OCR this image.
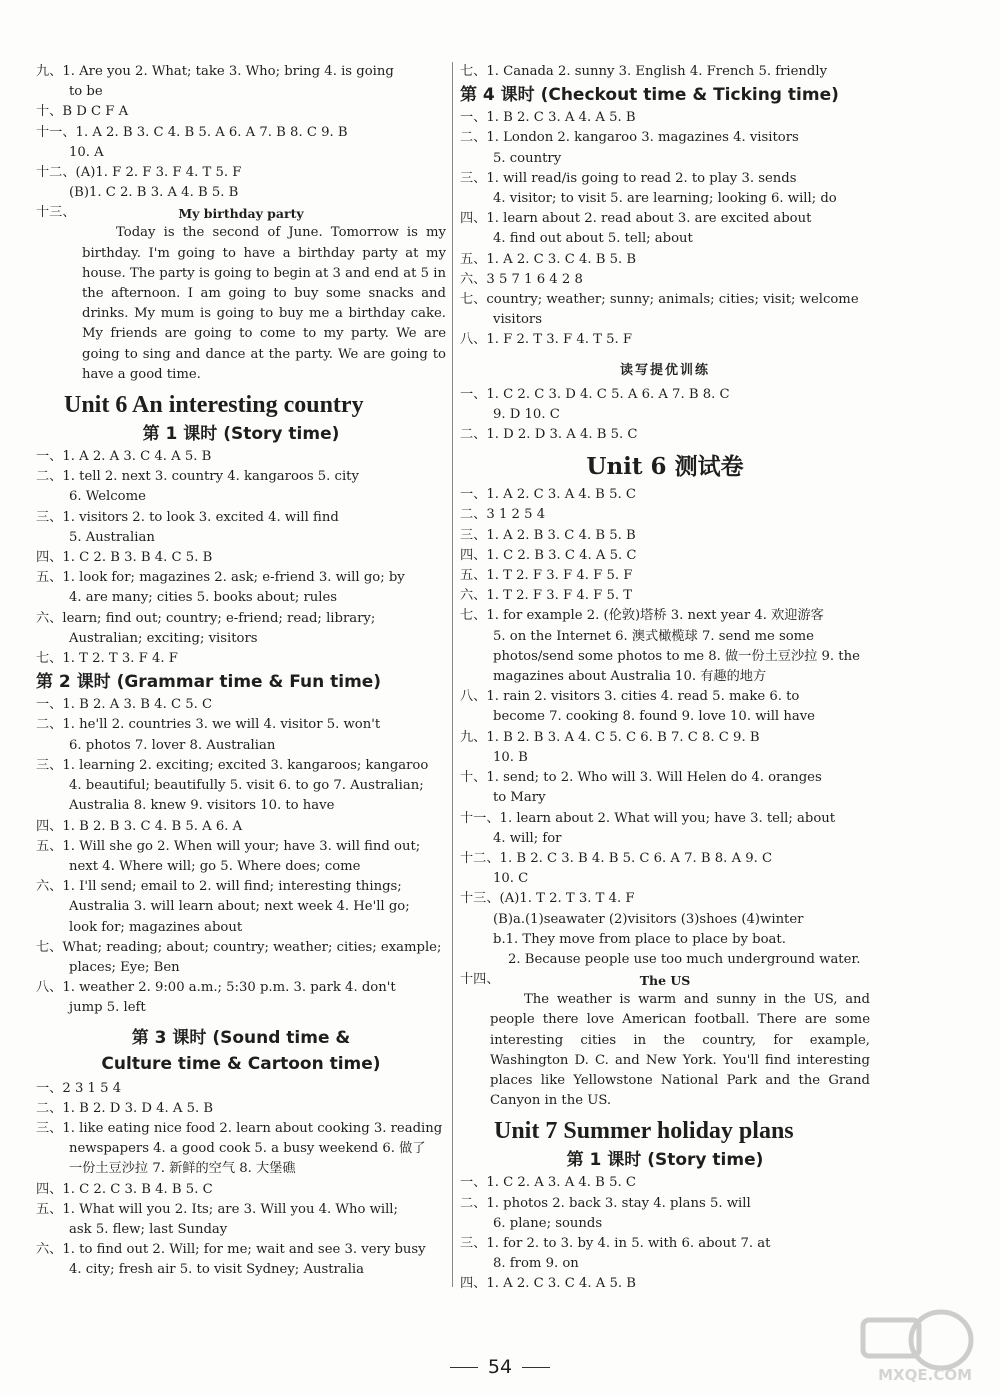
九、1. Are you 2. What; take 3. Who; bring 4. is going
to be
十、B D C F A
十一、1. A 2. B 3. C 4. B 5. A 6. A 7. B 8. C 9. B
10. A
十二、(A)1. F 2. F 3. F 4. T 5. F
(B)1. C 2. B 3. A 4. B 5. B
十三、	My birthday party

Today is the second of June. Tomorrow is my birthday. I'm going to have a birthday party at my house. The party is going to begin at 3 and end at 5 in the afternoon. I am going to buy some snacks and drinks. My mum is going to buy me a birthday cake. My friends are going to come to my party. We are going to sing and dance at the party. We are going to have a good time.

Unit 6 An interesting country
第 1 课时 (Story time)
一、1. A 2. A 3. C 4. A 5. B
二、1. tell 2. next 3. country 4. kangaroos 5. city
6. Welcome
三、1. visitors 2. to look 3. excited 4. will find
5. Australian
四、1. C 2. B 3. B 4. C 5. B
五、1. look for; magazines 2. ask; e-friend 3. will go; by
4. are many; cities 5. books about; rules
六、learn; find out; country; e-friend; read; library;
Australian; exciting; visitors
七、1. T 2. T 3. F 4. F
第 2 课时 (Grammar time & Fun time)
一、1. B 2. A 3. B 4. C 5. C
二、1. he'll 2. countries 3. we will 4. visitor 5. won't
6. photos 7. lover 8. Australian
三、1. learning 2. exciting; excited 3. kangaroos; kangaroo
4. beautiful; beautifully 5. visit 6. to go 7. Australian;
Australia 8. knew 9. visitors 10. to have
四、1. B 2. B 3. C 4. B 5. A 6. A
五、1. Will she go 2. When will your; have 3. will find out;
next 4. Where will; go 5. Where does; come
六、1. I'll send; email to 2. will find; interesting things;
Australia 3. will learn about; next week 4. He'll go;
look for; magazines about
七、What; reading; about; country; weather; cities; example;
places; Eye; Ben
八、1. weather 2. 9:00 a.m.; 5:30 p.m. 3. park 4. don't
jump 5. left
第 3 课时 (Sound time &
Culture time & Cartoon time)
一、2 3 1 5 4
二、1. B 2. D 3. D 4. A 5. B
三、1. like eating nice food 2. learn about cooking 3. reading
newspapers 4. a good cook 5. a busy weekend 6. 做了
一份土豆沙拉 7. 新鲜的空气 8. 大堡礁
四、1. C 2. C 3. B 4. B 5. C
五、1. What will you 2. Its; are 3. Will you 4. Who will;
ask 5. flew; last Sunday
六、1. to find out 2. Will; for me; wait and see 3. very busy
4. city; fresh air 5. to visit Sydney; Australia
七、1. Canada 2. sunny 3. English 4. French 5. friendly
第 4 课时 (Checkout time & Ticking time)
一、1. B 2. C 3. A 4. A 5. B
二、1. London 2. kangaroo 3. magazines 4. visitors
5. country
三、1. will read/is going to read 2. to play 3. sends
4. visitor; to visit 5. are learning; looking 6. will; do
四、1. learn about 2. read about 3. are excited about
4. find out about 5. tell; about
五、1. A 2. C 3. C 4. B 5. B
六、3 5 7 1 6 4 2 8
七、country; weather; sunny; animals; cities; visit; welcome
visitors
八、1. F 2. T 3. F 4. T 5. F
读写提优训练
一、1. C 2. C 3. D 4. C 5. A 6. A 7. B 8. C
9. D 10. C
二、1. D 2. D 3. A 4. B 5. C
Unit 6 测试卷
一、1. A 2. C 3. A 4. B 5. C
二、3 1 2 5 4
三、1. A 2. B 3. C 4. B 5. B
四、1. C 2. B 3. C 4. A 5. C
五、1. T 2. F 3. F 4. F 5. F
六、1. T 2. F 3. F 4. F 5. T
七、1. for example 2. (伦敦)塔桥 3. next year 4. 欢迎游客
5. on the Internet 6. 澳式橄榄球 7. send me some
photos/send some photos to me 8. 做一份土豆沙拉 9. the
magazines about Australia 10. 有趣的地方
八、1. rain 2. visitors 3. cities 4. read 5. make 6. to
become 7. cooking 8. found 9. love 10. will have
九、1. B 2. B 3. A 4. C 5. C 6. B 7. C 8. C 9. B
10. B
十、1. send; to 2. Who will 3. Will Helen do 4. oranges
to Mary
十一、1. learn about 2. What will you; have 3. tell; about
4. will; for
十二、1. B 2. C 3. B 4. B 5. C 6. A 7. B 8. A 9. C
10. C
十三、(A)1. T 2. T 3. T 4. F
(B)a.(1)seawater (2)visitors (3)shoes (4)winter
b.1. They move from place to place by boat.
2. Because people use too much underground water.
十四、	The US

The weather is warm and sunny in the US, and people there love American football. There are some interesting cities in the country, for example, Washington D. C. and New York. You'll find interesting places like Yellowstone National Park and the Grand Canyon in the US.

Unit 7 Summer holiday plans
第 1 课时 (Story time)
一、1. C 2. A 3. A 4. B 5. C
二、1. photos 2. back 3. stay 4. plans 5. will
6. plane; sounds
三、1. for 2. to 3. by 4. in 5. with 6. about 7. at
8. from 9. on
四、1. A 2. C 3. C 4. A 5. B
54	MXQE.COM
